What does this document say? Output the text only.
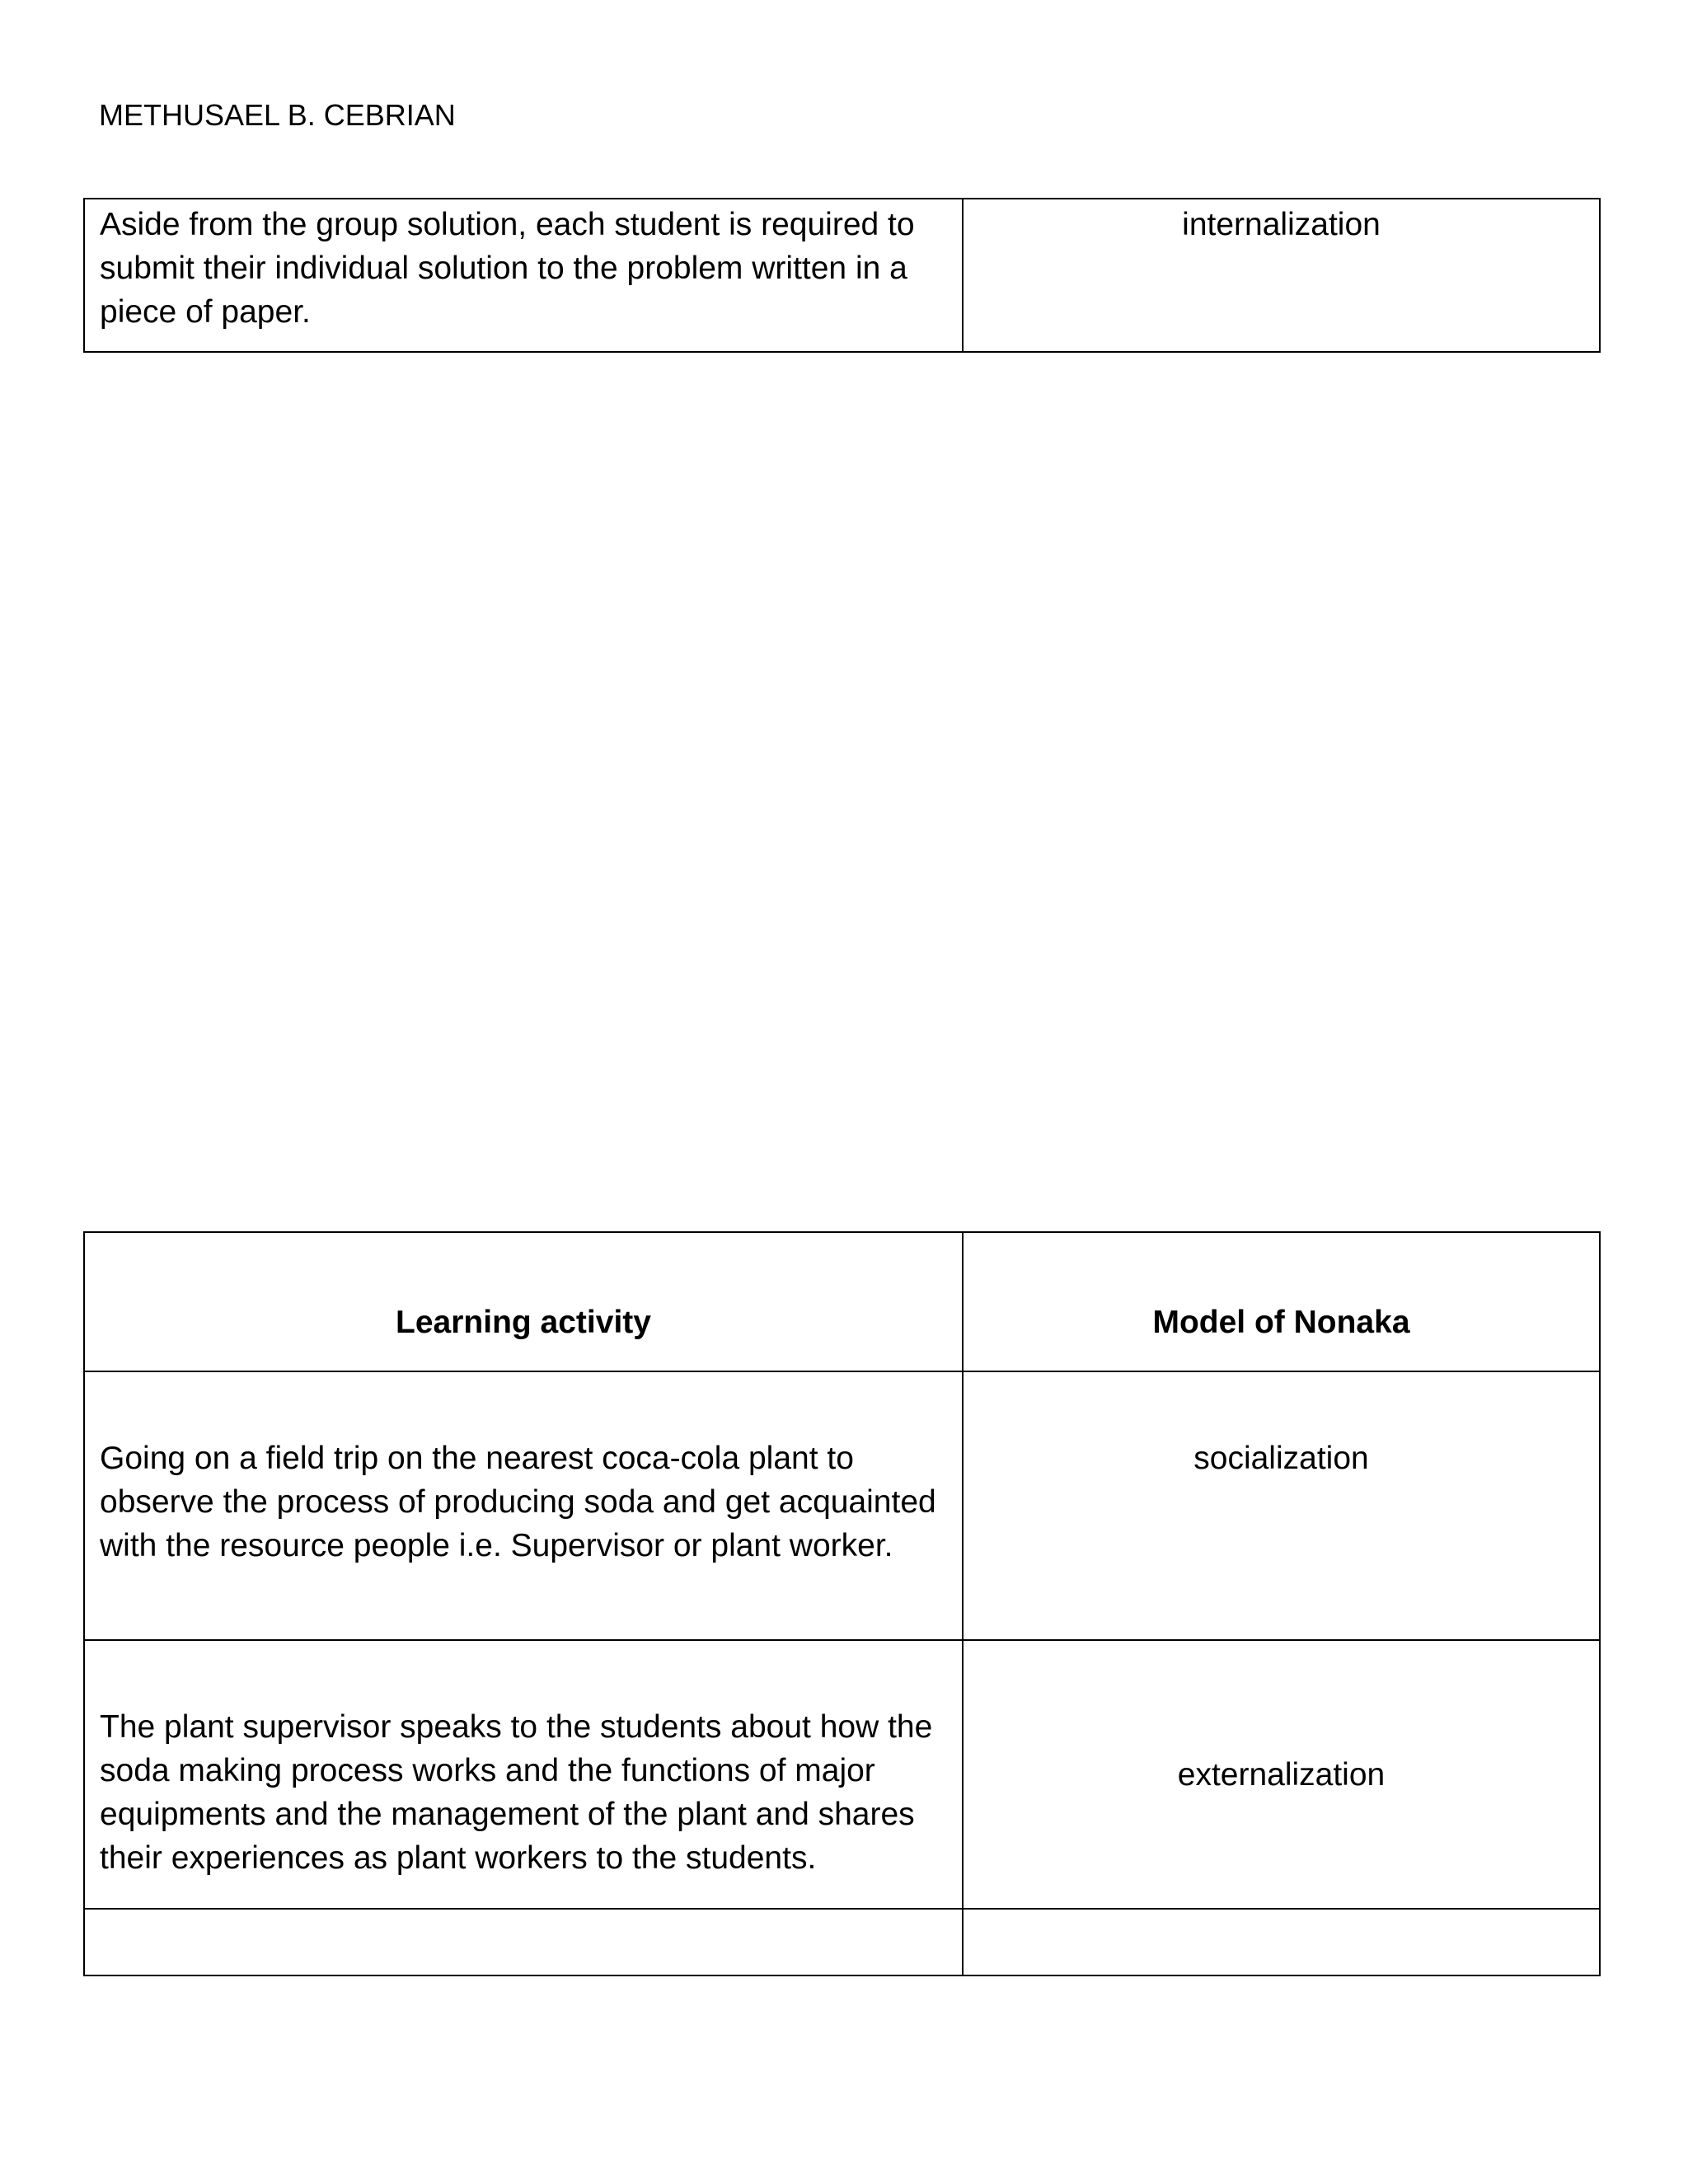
METHUSAEL B. CEBRIAN
Aside from the group solution, each student is required to submit their individual solution to the problem written in a piece of paper.	internalization
Learning activity	Model of Nonaka
Going on a field trip on the nearest coca-cola plant to observe the process of producing soda and get acquainted with the resource people i.e. Supervisor or plant worker.	socialization
The plant supervisor speaks to the students about how the soda making process works and the functions of major equipments and the management of the plant and shares their experiences as plant workers to the students.	externalization
